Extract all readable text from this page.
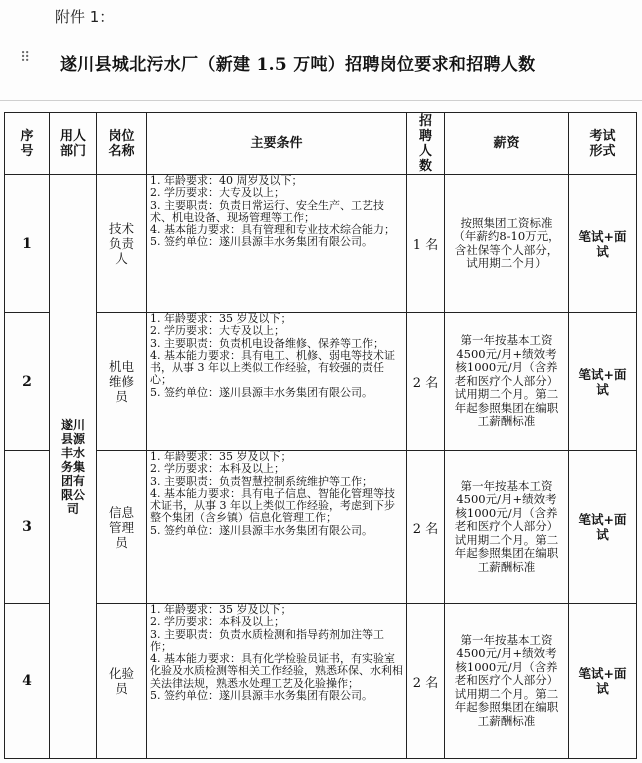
附件 1：
⠿ 遂川县城北污水厂（新建 1.5 万吨）招聘岗位要求和招聘人数
序号	用人部门	岗位名称	主要条件	招聘人数	薪资	考试形式

1	遂川县源丰水务集团有限公司	技术负责人	1. 年龄要求：40 周岁及以下；
2. 学历要求：大专及以上；
3. 主要职责：负责日常运行、安全生产、工艺技术、机电设备、现场管理等工作；
4. 基本能力要求：具有管理和专业技术综合能力；
5. 签约单位：遂川县源丰水务集团有限公司。	1 名	按照集团工资标准（年薪约8-10万元，含社保等个人部分，试用期二个月）	笔试+面试

2		机电维修员	1. 年龄要求：35 岁及以下；
2. 学历要求：大专及以上；
3. 主要职责：负责机电设备维修、保养等工作；
4. 基本能力要求：具有电工、机修、弱电等技术证书，从事 3 年以上类似工作经验，有较强的责任心；
5. 签约单位：遂川县源丰水务集团有限公司。	2 名	第一年按基本工资4500元/月+绩效考核1000元/月（含养老和医疗个人部分）试用期二个月。第二年起参照集团在编职工薪酬标准	笔试+面试

3		信息管理员	1. 年龄要求：35 岁及以下；
2. 学历要求：本科及以上；
3. 主要职责：负责智慧控制系统维护等工作；
4. 基本能力要求：具有电子信息、智能化管理等技术证书，从事 3 年以上类似工作经验，考虑到下步整个集团（含乡镇）信息化管理工作；
5. 签约单位：遂川县源丰水务集团有限公司。	2 名	第一年按基本工资4500元/月+绩效考核1000元/月（含养老和医疗个人部分）试用期二个月。第二年起参照集团在编职工薪酬标准	笔试+面试

4		化验员	1. 年龄要求：35 岁及以下；
2. 学历要求：本科及以上；
3. 主要职责：负责水质检测和指导药剂加注等工作；
4. 基本能力要求：具有化学检验员证书，有实验室化验及水质检测等相关工作经验，熟悉环保、水利相关法律法规，熟悉水处理工艺及化验操作；
5. 签约单位：遂川县源丰水务集团有限公司。	2 名	第一年按基本工资4500元/月+绩效考核1000元/月（含养老和医疗个人部分）试用期二个月。第二年起参照集团在编职工薪酬标准	笔试+面试
